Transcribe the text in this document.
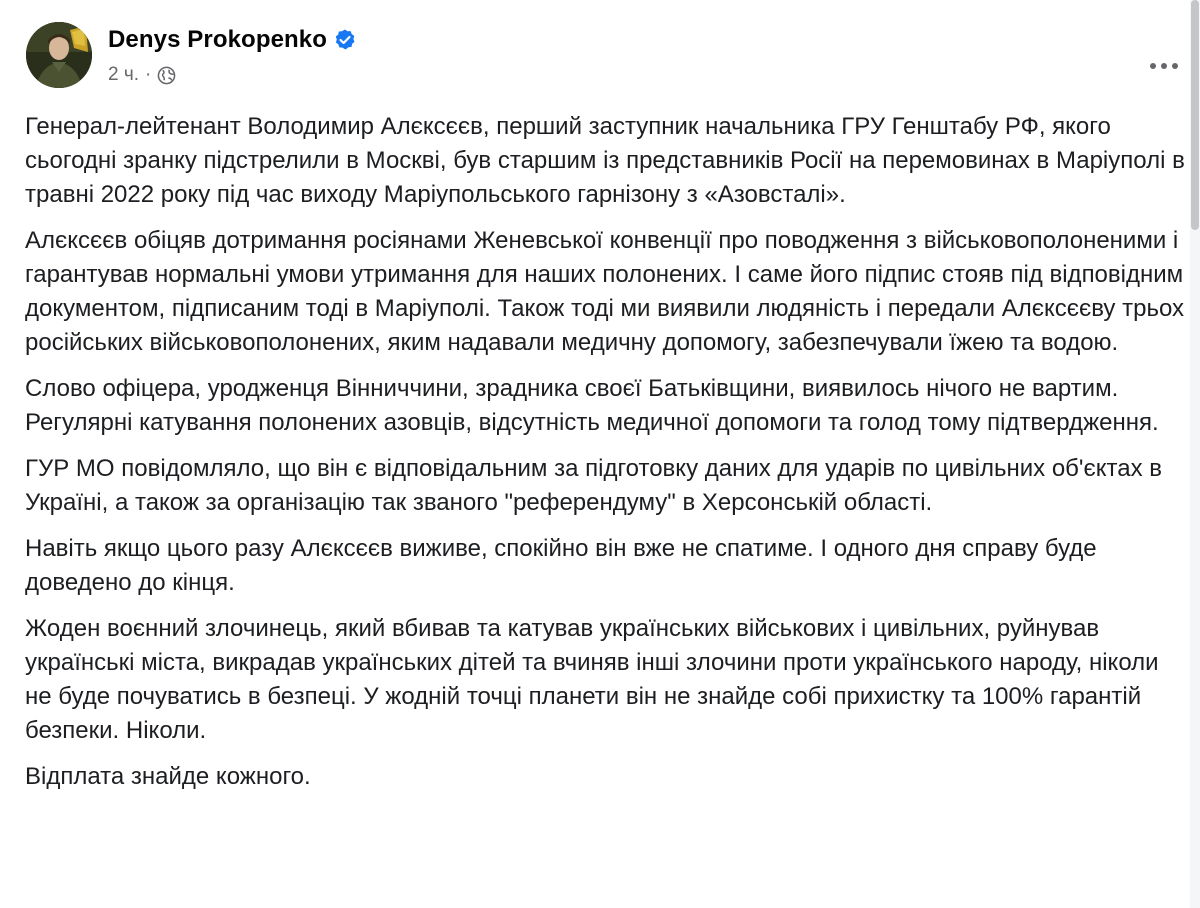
Denys Prokopenko
2 ч. ·

Генерал-лейтенант Володимир Алєксєєв, перший заступник начальника ГРУ Генштабу РФ, якого сьогодні зранку підстрелили в Москві, був старшим із представників Росії на перемовинах в Маріуполі в травні 2022 року під час виходу Маріупольського гарнізону з «Азовсталі».

Алєксєєв обіцяв дотримання росіянами Женевської конвенції про поводження з військовополоненими і гарантував нормальні умови утримання для наших полонених. І саме його підпис стояв під відповідним документом, підписаним тоді в Маріуполі. Також тоді ми виявили людяність і передали Алєксєєву трьох російських військовополонених, яким надавали медичну допомогу, забезпечували їжею та водою.

Слово офіцера, уродженця Вінниччини, зрадника своєї Батьківщини, виявилось нічого не вартим. Регулярні катування полонених азовців, відсутність медичної допомоги та голод тому підтвердження.

ГУР МО повідомляло, що він є відповідальним за підготовку даних для ударів по цивільних об'єктах в Україні, а також за організацію так званого "референдуму" в Херсонській області.

Навіть якщо цього разу Алєксєєв виживе, спокійно він вже не спатиме. І одного дня справу буде доведено до кінця.

Жоден воєнний злочинець, який вбивав та катував українських військових і цивільних, руйнував українські міста, викрадав українських дітей та вчиняв інші злочини проти українського народу, ніколи не буде почуватись в безпеці. У жодній точці планети він не знайде собі прихистку та 100% гарантій безпеки. Ніколи.

Відплата знайде кожного.
